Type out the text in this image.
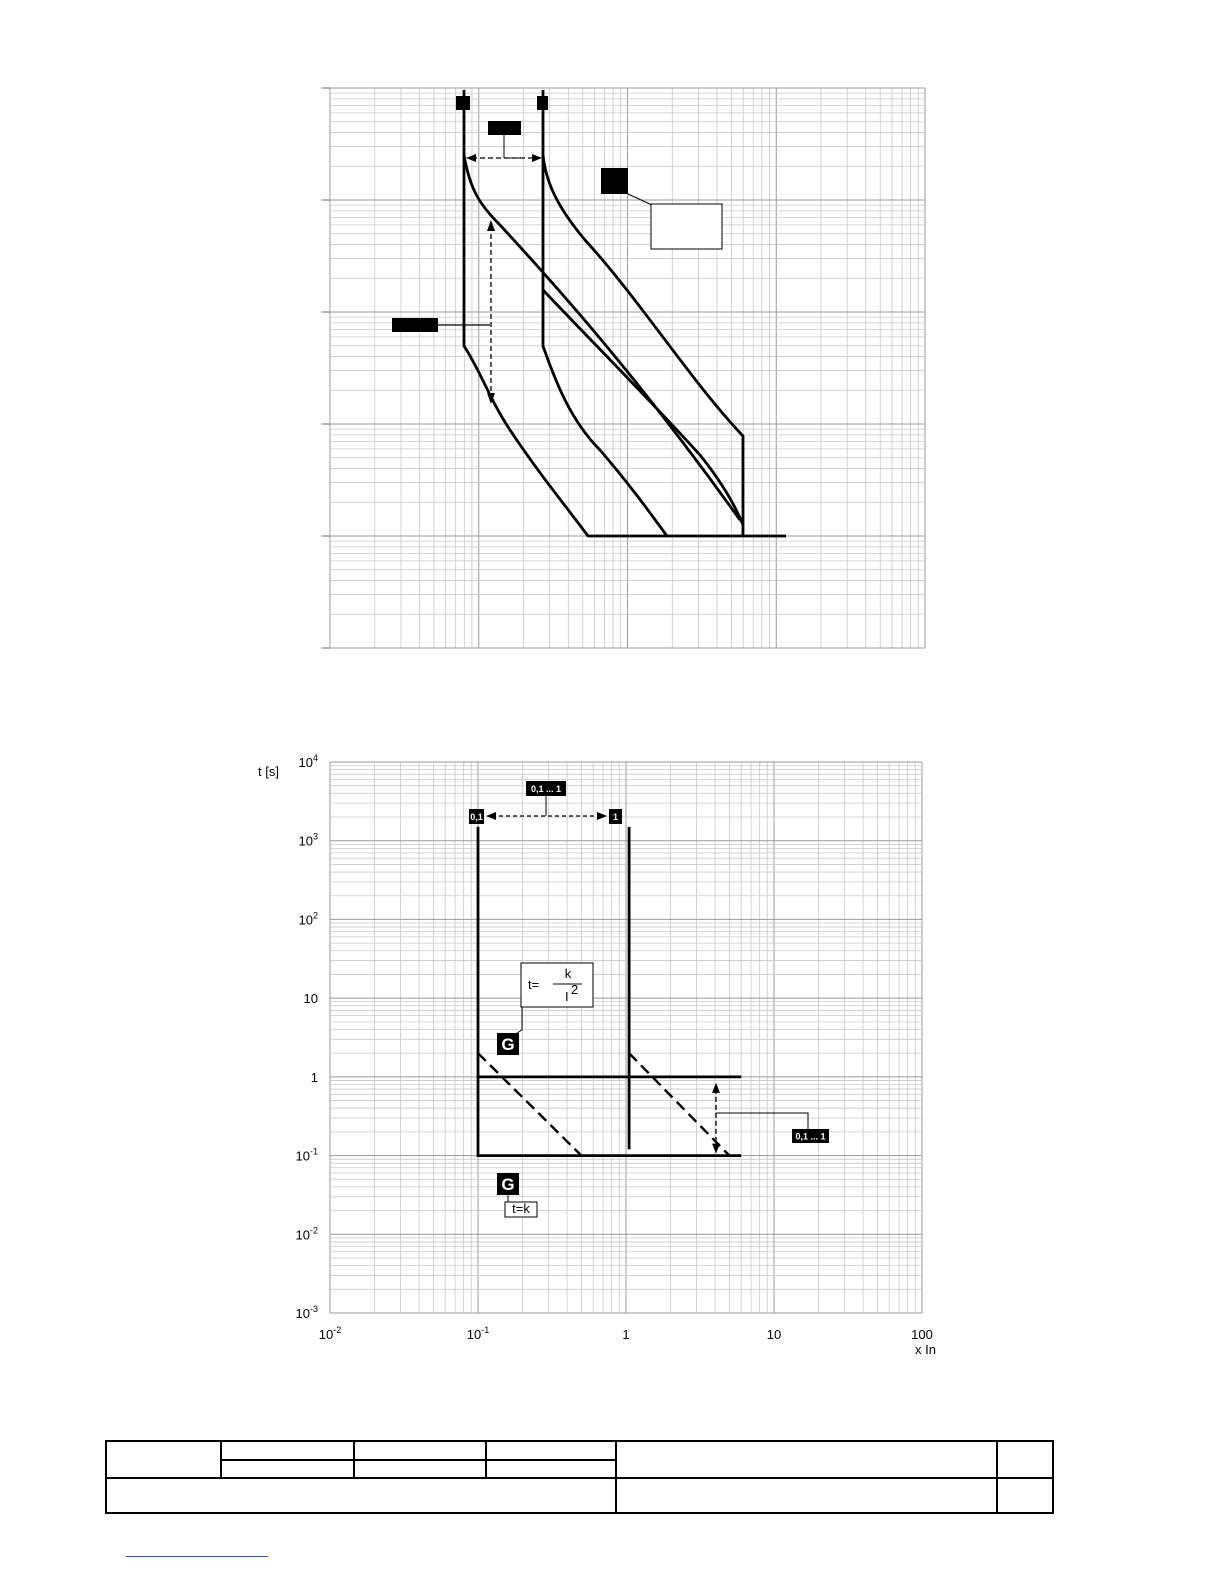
$10^4$
$10^3$
$10^2$
10
1
$10^{-1}$
$10^{-2}$
$10^{-3}$
$10^{-2}$	$10^{-1}$	1	10	100
t [s]
x In
0,1 ... 1
0,1	1
t=
k
I 2
G
G
t=k
0,1 ... 1
